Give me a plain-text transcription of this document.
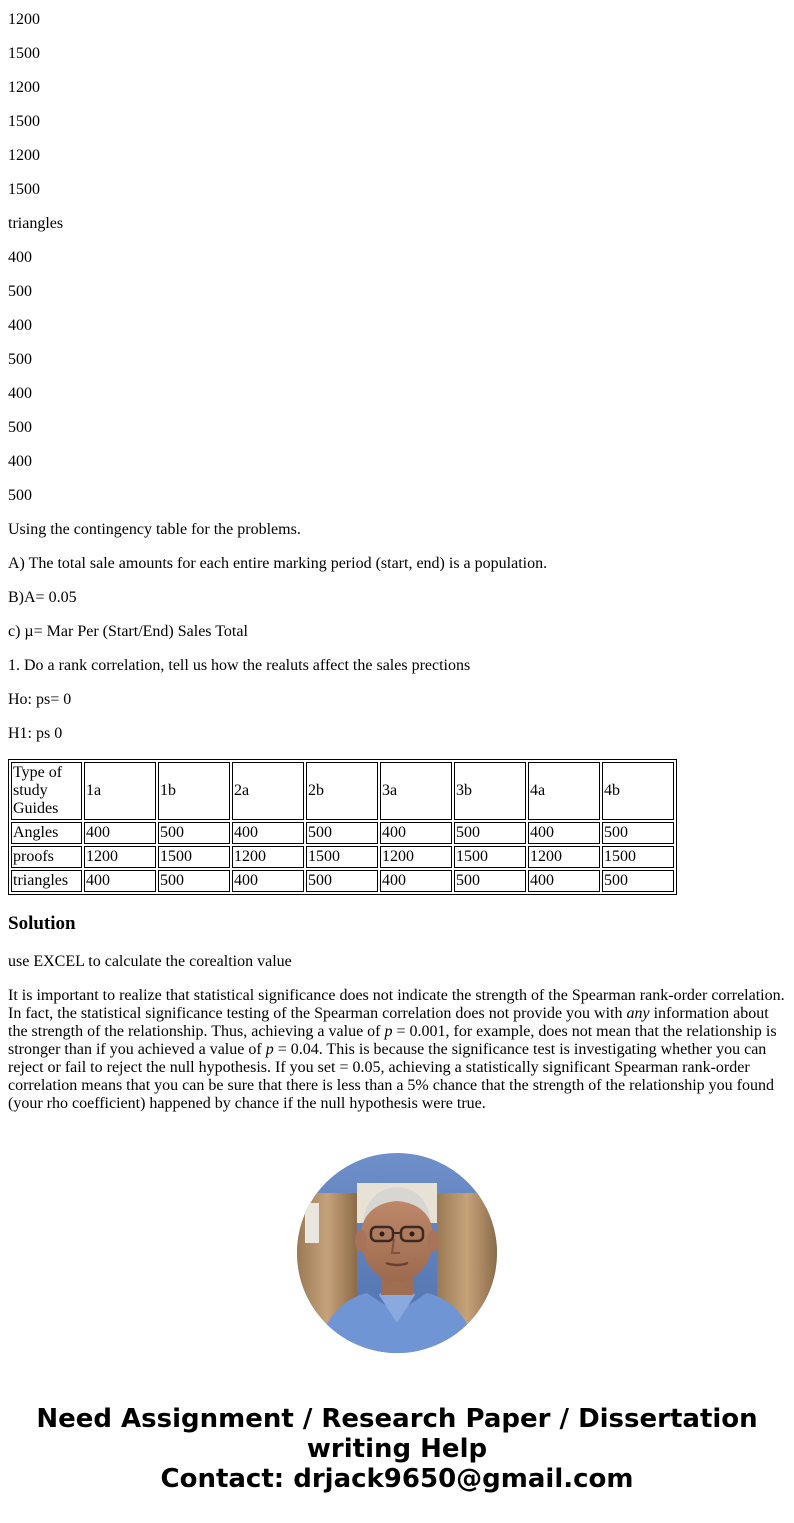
1200

1500

1200

1500

1200

1500

triangles

400

500

400

500

400

500

400

500

Using the contingency table for the problems.

A) The total sale amounts for each entire marking period (start, end) is a population.

B)A= 0.05

c) µ= Mar Per (Start/End) Sales Total

1. Do a rank correlation, tell us how the realuts affect the sales prections

Ho: ps= 0

H1: ps 0

Type of study Guides	1a	1b	2a	2b	3a	3b	4a	4b
Angles	400	500	400	500	400	500	400	500
proofs	1200	1500	1200	1500	1200	1500	1200	1500
triangles	400	500	400	500	400	500	400	500
Solution

use EXCEL to calculate the corealtion value

It is important to realize that statistical significance does not indicate the strength of the Spearman rank-order correlation. In fact, the statistical significance testing of the Spearman correlation does not provide you with any information about the strength of the relationship. Thus, achieving a value of p = 0.001, for example, does not mean that the relationship is stronger than if you achieved a value of p = 0.04. This is because the significance test is investigating whether you can reject or fail to reject the null hypothesis. If you set = 0.05, achieving a statistically significant Spearman rank-order correlation means that you can be sure that there is less than a 5% chance that the strength of the relationship you found (your rho coefficient) happened by chance if the null hypothesis were true.

Need Assignment / Research Paper / Dissertation
writing Help
Contact: drjack9650@gmail.com
